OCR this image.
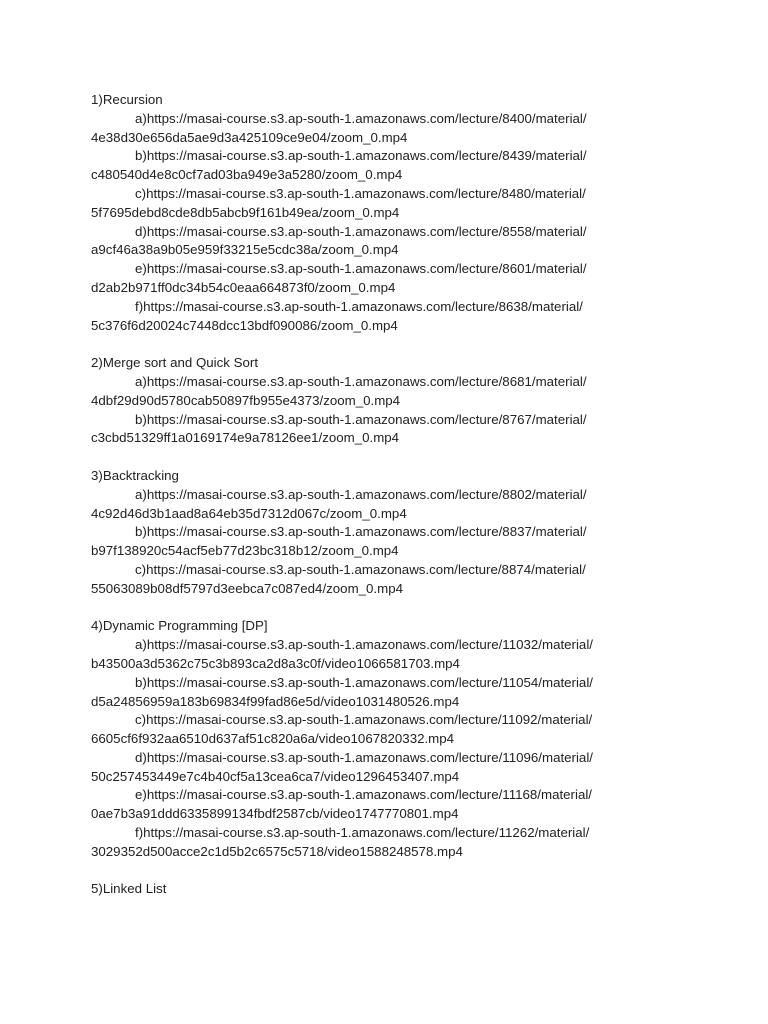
1)Recursion
a)https://masai-course.s3.ap-south-1.amazonaws.com/lecture/8400/material/
4e38d30e656da5ae9d3a425109ce9e04/zoom_0.mp4
b)https://masai-course.s3.ap-south-1.amazonaws.com/lecture/8439/material/
c480540d4e8c0cf7ad03ba949e3a5280/zoom_0.mp4
c)https://masai-course.s3.ap-south-1.amazonaws.com/lecture/8480/material/
5f7695debd8cde8db5abcb9f161b49ea/zoom_0.mp4
d)https://masai-course.s3.ap-south-1.amazonaws.com/lecture/8558/material/
a9cf46a38a9b05e959f33215e5cdc38a/zoom_0.mp4
e)https://masai-course.s3.ap-south-1.amazonaws.com/lecture/8601/material/
d2ab2b971ff0dc34b54c0eaa664873f0/zoom_0.mp4
f)https://masai-course.s3.ap-south-1.amazonaws.com/lecture/8638/material/
5c376f6d20024c7448dcc13bdf090086/zoom_0.mp4
2)Merge sort and Quick Sort
a)https://masai-course.s3.ap-south-1.amazonaws.com/lecture/8681/material/
4dbf29d90d5780cab50897fb955e4373/zoom_0.mp4
b)https://masai-course.s3.ap-south-1.amazonaws.com/lecture/8767/material/
c3cbd51329ff1a0169174e9a78126ee1/zoom_0.mp4
3)Backtracking
a)https://masai-course.s3.ap-south-1.amazonaws.com/lecture/8802/material/
4c92d46d3b1aad8a64eb35d7312d067c/zoom_0.mp4
b)https://masai-course.s3.ap-south-1.amazonaws.com/lecture/8837/material/
b97f138920c54acf5eb77d23bc318b12/zoom_0.mp4
c)https://masai-course.s3.ap-south-1.amazonaws.com/lecture/8874/material/
55063089b08df5797d3eebca7c087ed4/zoom_0.mp4
4)Dynamic Programming [DP]
a)https://masai-course.s3.ap-south-1.amazonaws.com/lecture/11032/material/
b43500a3d5362c75c3b893ca2d8a3c0f/video1066581703.mp4
b)https://masai-course.s3.ap-south-1.amazonaws.com/lecture/11054/material/
d5a24856959a183b69834f99fad86e5d/video1031480526.mp4
c)https://masai-course.s3.ap-south-1.amazonaws.com/lecture/11092/material/
6605cf6f932aa6510d637af51c820a6a/video1067820332.mp4
d)https://masai-course.s3.ap-south-1.amazonaws.com/lecture/11096/material/
50c257453449e7c4b40cf5a13cea6ca7/video1296453407.mp4
e)https://masai-course.s3.ap-south-1.amazonaws.com/lecture/11168/material/
0ae7b3a91ddd6335899134fbdf2587cb/video1747770801.mp4
f)https://masai-course.s3.ap-south-1.amazonaws.com/lecture/11262/material/
3029352d500acce2c1d5b2c6575c5718/video1588248578.mp4
5)Linked List
